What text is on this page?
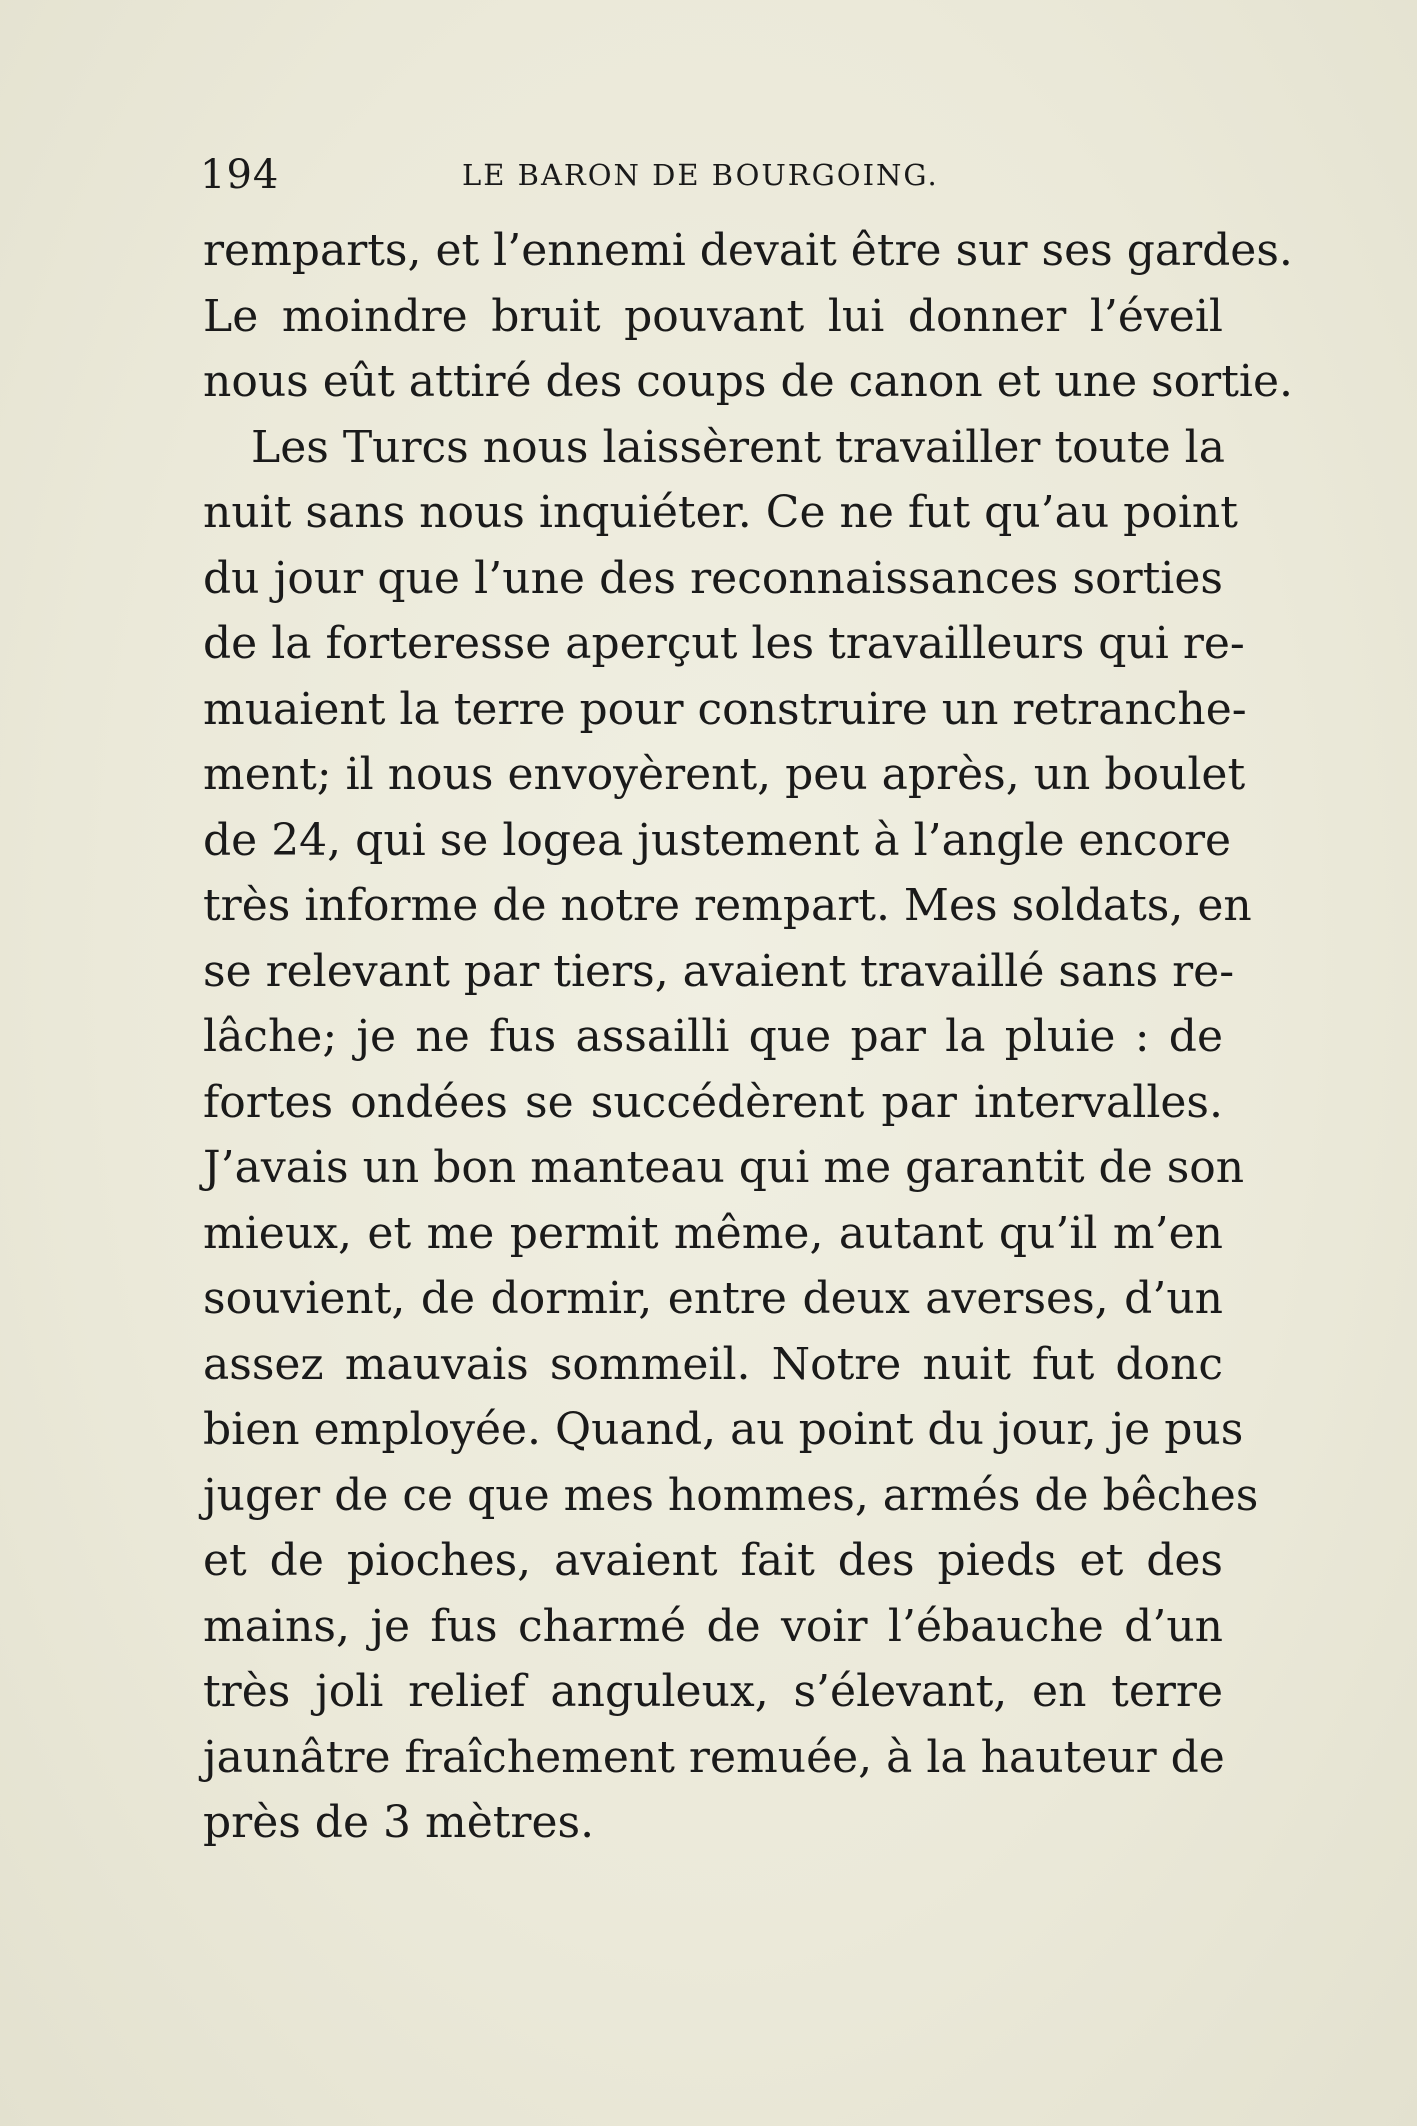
194	LE BARON DE BOURGOING.
remparts, et l’ennemi devait être sur ses gardes.
Le moindre bruit pouvant lui donner l’éveil
nous eût attiré des coups de canon et une sortie.
Les Turcs nous laissèrent travailler toute la
nuit sans nous inquiéter. Ce ne fut qu’au point
du jour que l’une des reconnaissances sorties
de la forteresse aperçut les travailleurs qui re-
muaient la terre pour construire un retranche-
ment; il nous envoyèrent, peu après, un boulet
de 24, qui se logea justement à l’angle encore
très informe de notre rempart. Mes soldats, en
se relevant par tiers, avaient travaillé sans re-
lâche; je ne fus assailli que par la pluie : de
fortes ondées se succédèrent par intervalles.
J’avais un bon manteau qui me garantit de son
mieux, et me permit même, autant qu’il m’en
souvient, de dormir, entre deux averses, d’un
assez mauvais sommeil. Notre nuit fut donc
bien employée. Quand, au point du jour, je pus
juger de ce que mes hommes, armés de bêches
et de pioches, avaient fait des pieds et des
mains, je fus charmé de voir l’ébauche d’un
très joli relief anguleux, s’élevant, en terre
jaunâtre fraîchement remuée, à la hauteur de
près de 3 mètres.
